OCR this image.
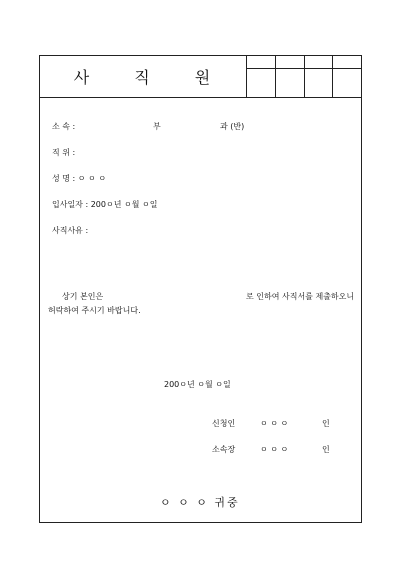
사 직 원
소 속 :	부	과 (반)
직 위 :
성 명 : ㅇ ㅇ ㅇ
입사일자 : 200ㅇ년 ㅇ월 ㅇ일
사직사유 :
상기 본인은	로 인하여 사직서를 제출하오니
허락하여 주시기 바랍니다.
200ㅇ년 ㅇ월 ㅇ일
신청인	ㅇ ㅇ ㅇ	인
소속장	ㅇ ㅇ ㅇ	인
ㅇ ㅇ ㅇ 귀중
